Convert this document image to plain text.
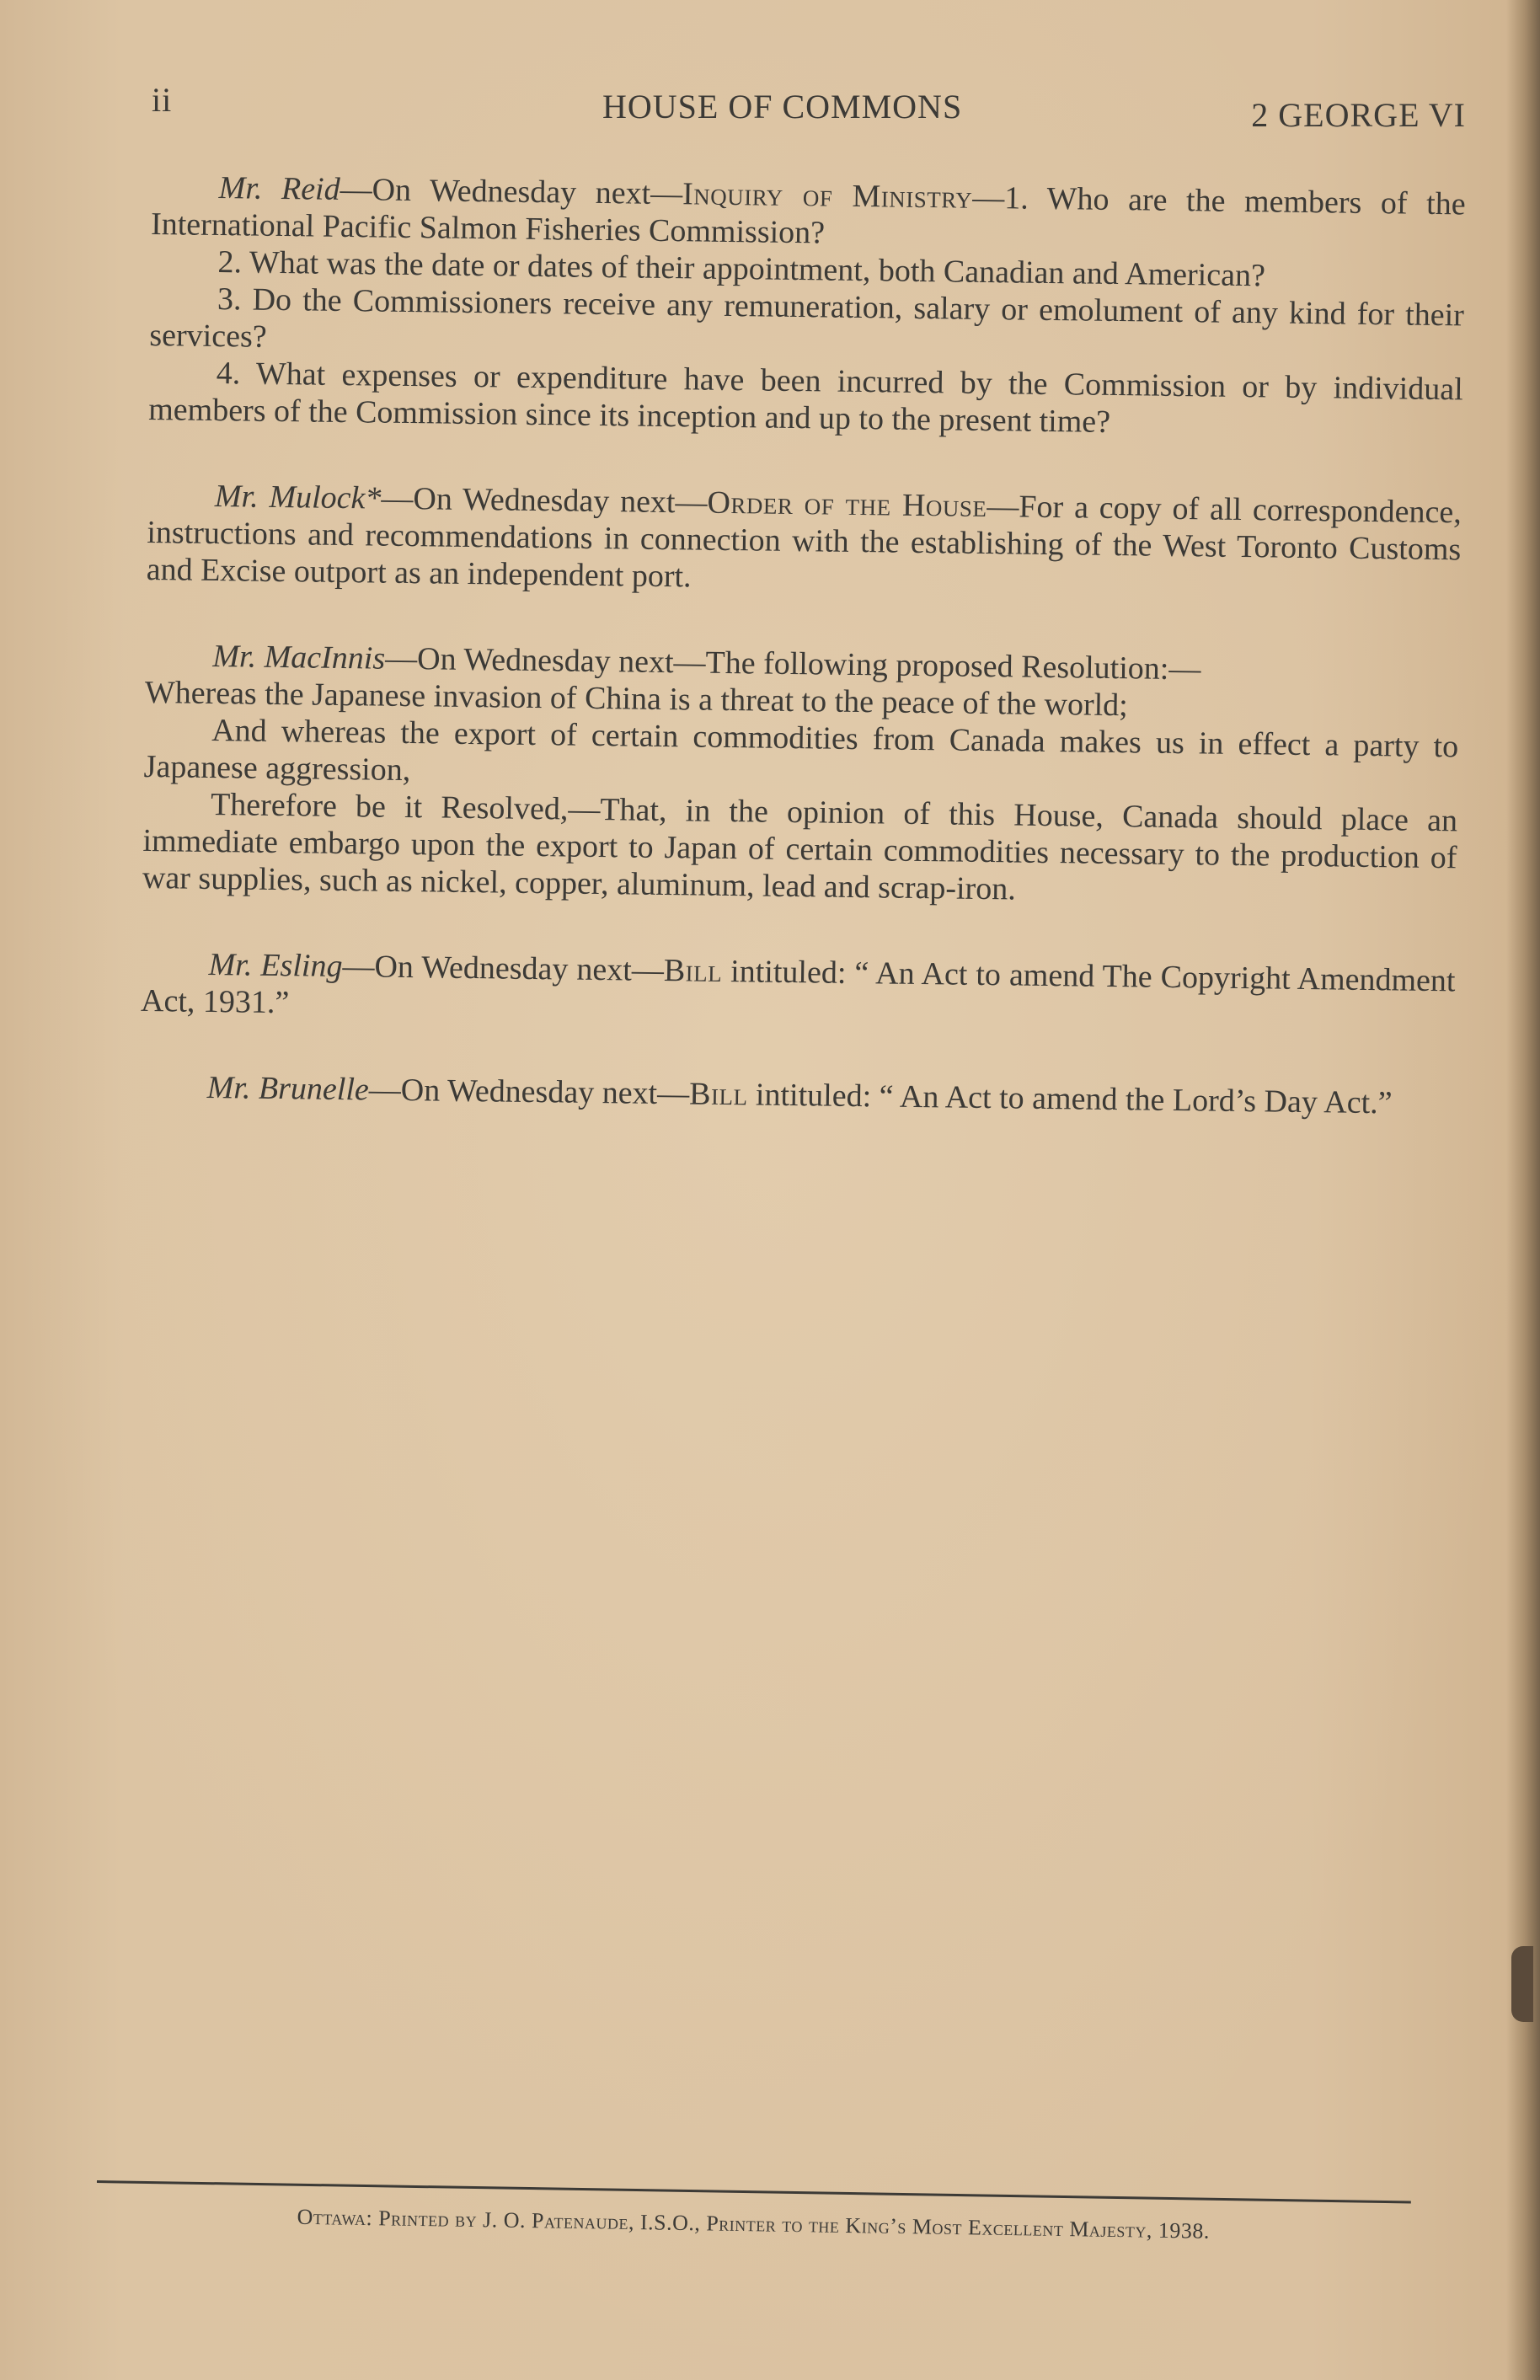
ii	HOUSE OF COMMONS	2 GEORGE VI

Mr. Reid—On Wednesday next—Inquiry of Ministry—1. Who are the members of the International Pacific Salmon Fisheries Commission?

2. What was the date or dates of their appointment, both Canadian and American?

3. Do the Commissioners receive any remuneration, salary or emolument of any kind for their services?

4. What expenses or expenditure have been incurred by the Commission or by individual members of the Commission since its inception and up to the present time?

Mr. Mulock*—On Wednesday next—Order of the House—For a copy of all correspondence, instructions and recommendations in connection with the establishing of the West Toronto Customs and Excise outport as an independent port.

Mr. MacInnis—On Wednesday next—The following proposed Resolution:—

Whereas the Japanese invasion of China is a threat to the peace of the world;

And whereas the export of certain commodities from Canada makes us in effect a party to Japanese aggression,

Therefore be it Resolved,—That, in the opinion of this House, Canada should place an immediate embargo upon the export to Japan of certain commodities necessary to the production of war supplies, such as nickel, copper, aluminum, lead and scrap-iron.

Mr. Esling—On Wednesday next—Bill intituled: “ An Act to amend The Copyright Amendment Act, 1931.”

Mr. Brunelle—On Wednesday next—Bill intituled: “ An Act to amend the Lord’s Day Act.”

Ottawa: Printed by J. O. Patenaude, I.S.O., Printer to the King’s Most Excellent Majesty, 1938.
